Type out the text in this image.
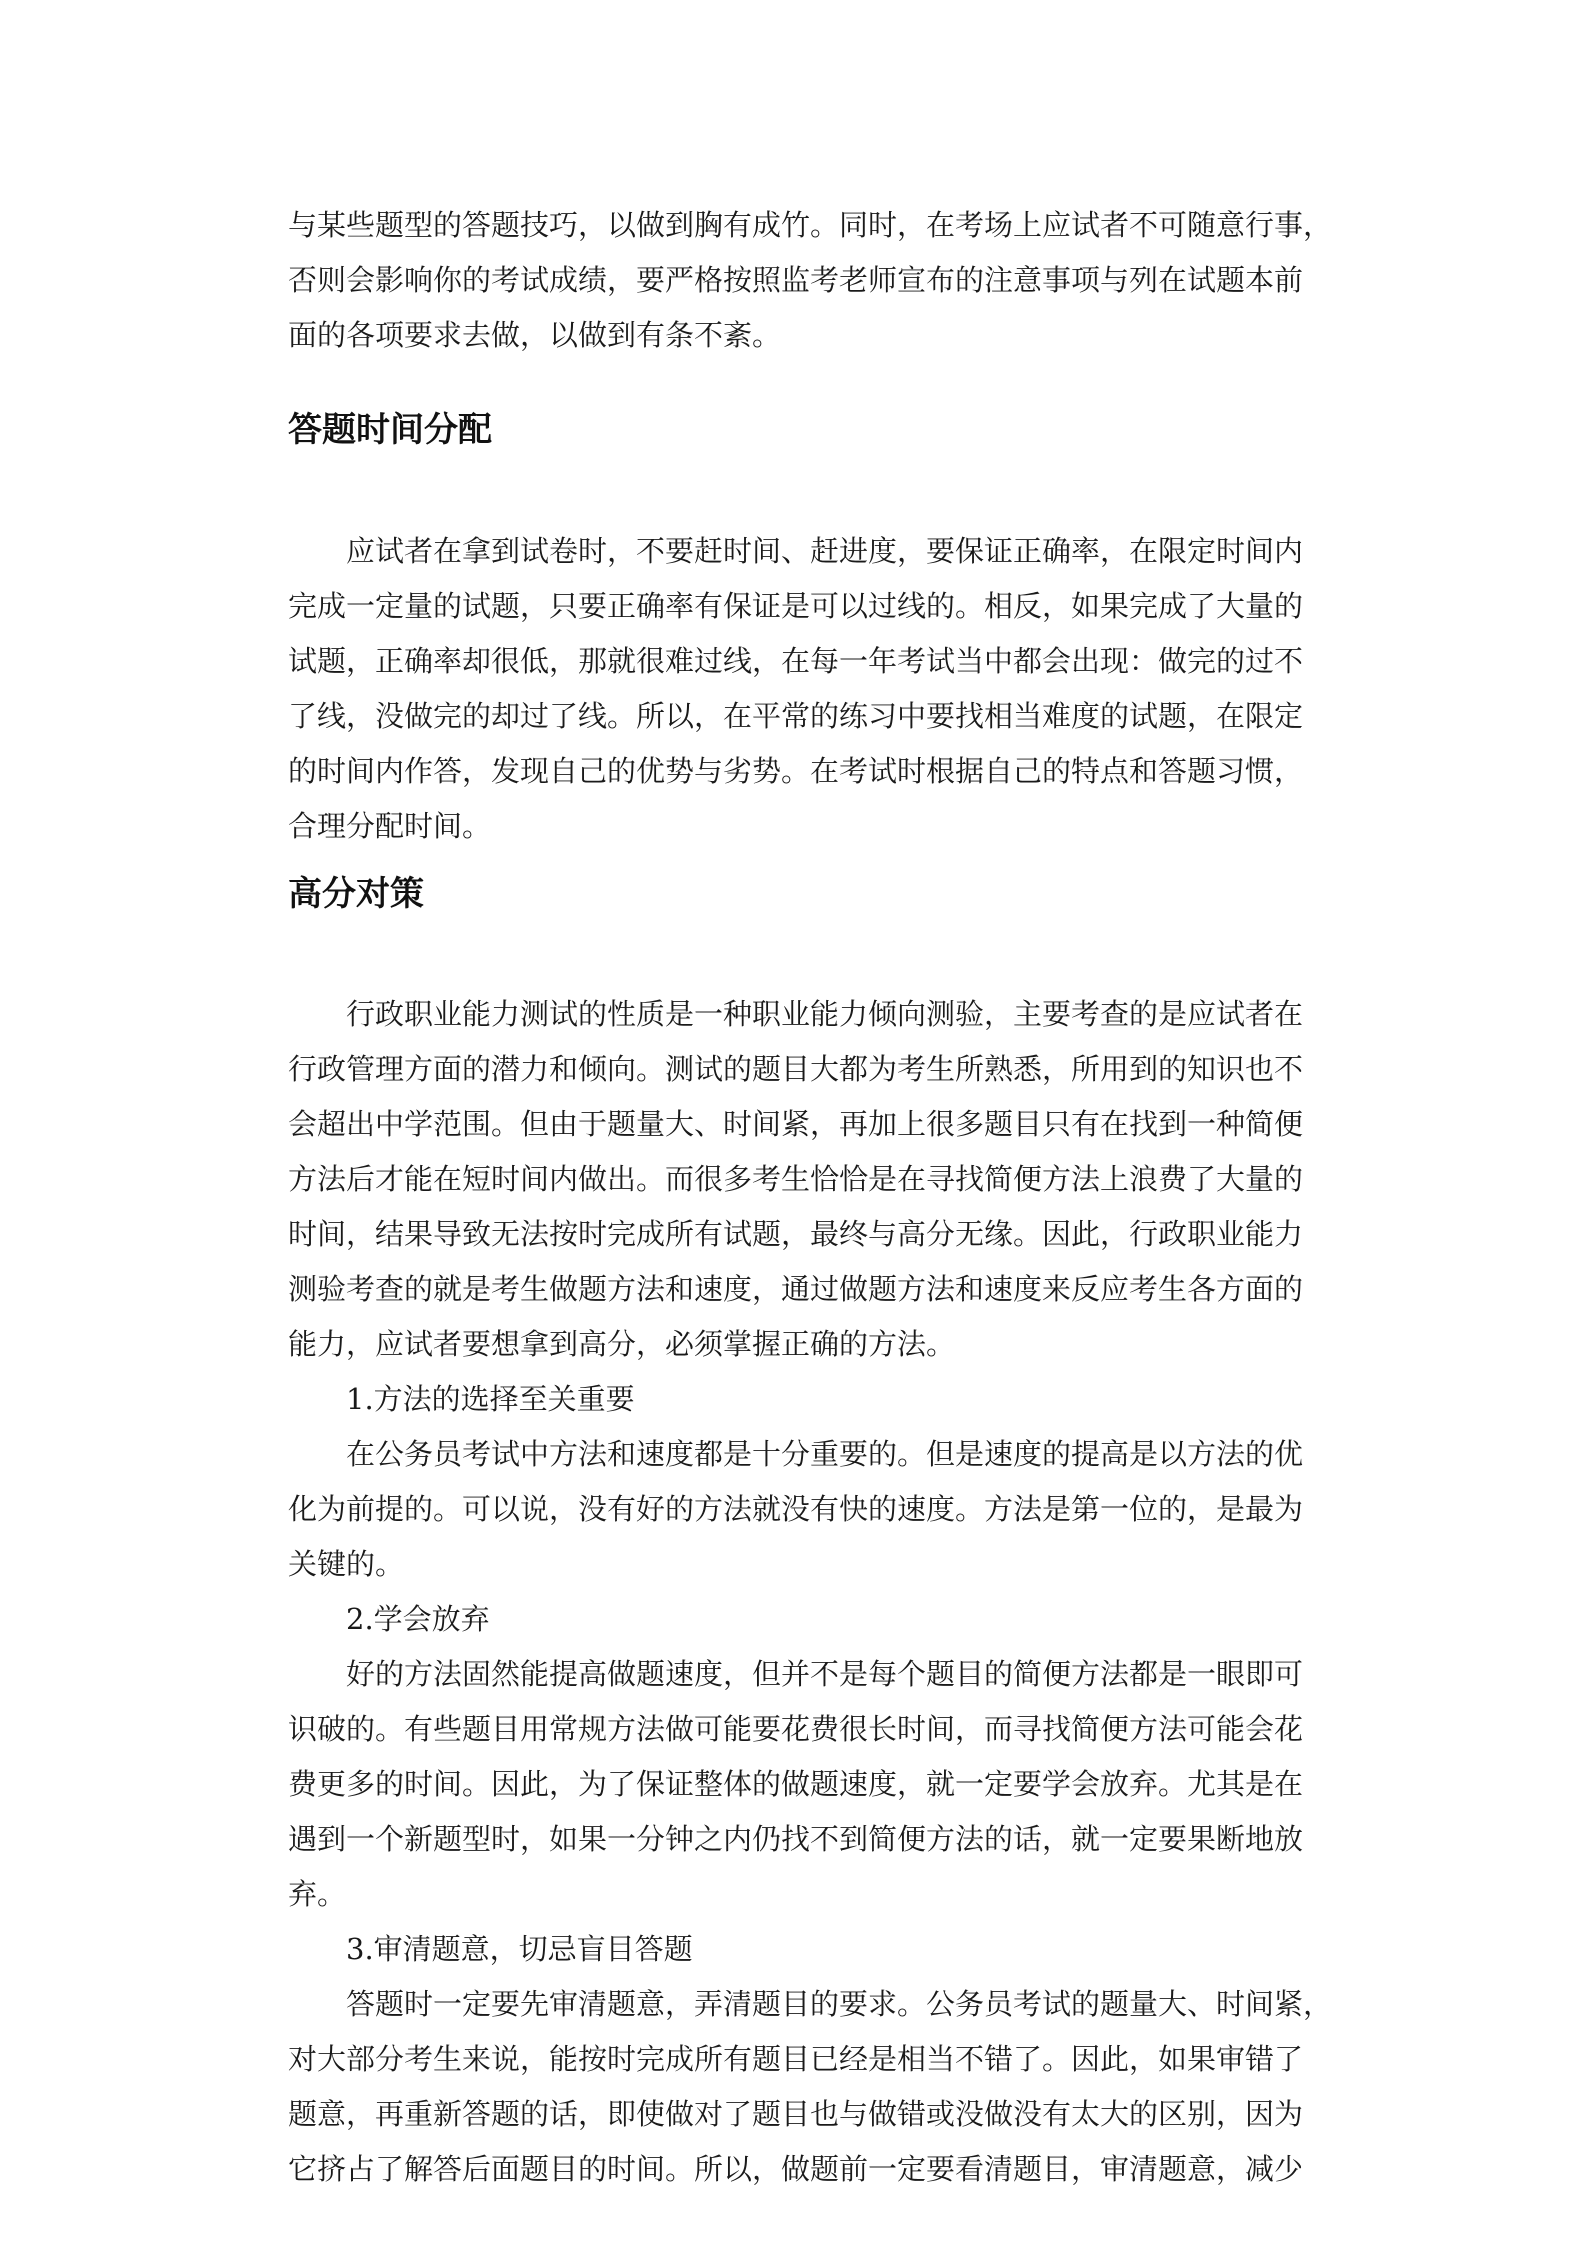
与某些题型的答题技巧，以做到胸有成竹。同时，在考场上应试者不可随意行事，
否则会影响你的考试成绩，要严格按照监考老师宣布的注意事项与列在试题本前
面的各项要求去做，以做到有条不紊。
答题时间分配
应试者在拿到试卷时，不要赶时间、赶进度，要保证正确率，在限定时间内
完成一定量的试题，只要正确率有保证是可以过线的。相反，如果完成了大量的
试题，正确率却很低，那就很难过线，在每一年考试当中都会出现：做完的过不
了线，没做完的却过了线。所以，在平常的练习中要找相当难度的试题，在限定
的时间内作答，发现自己的优势与劣势。在考试时根据自己的特点和答题习惯，
合理分配时间。
高分对策
行政职业能力测试的性质是一种职业能力倾向测验，主要考查的是应试者在
行政管理方面的潜力和倾向。测试的题目大都为考生所熟悉，所用到的知识也不
会超出中学范围。但由于题量大、时间紧，再加上很多题目只有在找到一种简便
方法后才能在短时间内做出。而很多考生恰恰是在寻找简便方法上浪费了大量的
时间，结果导致无法按时完成所有试题，最终与高分无缘。因此，行政职业能力
测验考查的就是考生做题方法和速度，通过做题方法和速度来反应考生各方面的
能力，应试者要想拿到高分，必须掌握正确的方法。
1.方法的选择至关重要
在公务员考试中方法和速度都是十分重要的。但是速度的提高是以方法的优
化为前提的。可以说，没有好的方法就没有快的速度。方法是第一位的，是最为
关键的。
2.学会放弃
好的方法固然能提高做题速度，但并不是每个题目的简便方法都是一眼即可
识破的。有些题目用常规方法做可能要花费很长时间，而寻找简便方法可能会花
费更多的时间。因此，为了保证整体的做题速度，就一定要学会放弃。尤其是在
遇到一个新题型时，如果一分钟之内仍找不到简便方法的话，就一定要果断地放
弃。
3.审清题意，切忌盲目答题
答题时一定要先审清题意，弄清题目的要求。公务员考试的题量大、时间紧，
对大部分考生来说，能按时完成所有题目已经是相当不错了。因此，如果审错了
题意，再重新答题的话，即使做对了题目也与做错或没做没有太大的区别，因为
它挤占了解答后面题目的时间。所以，做题前一定要看清题目，审清题意，减少
